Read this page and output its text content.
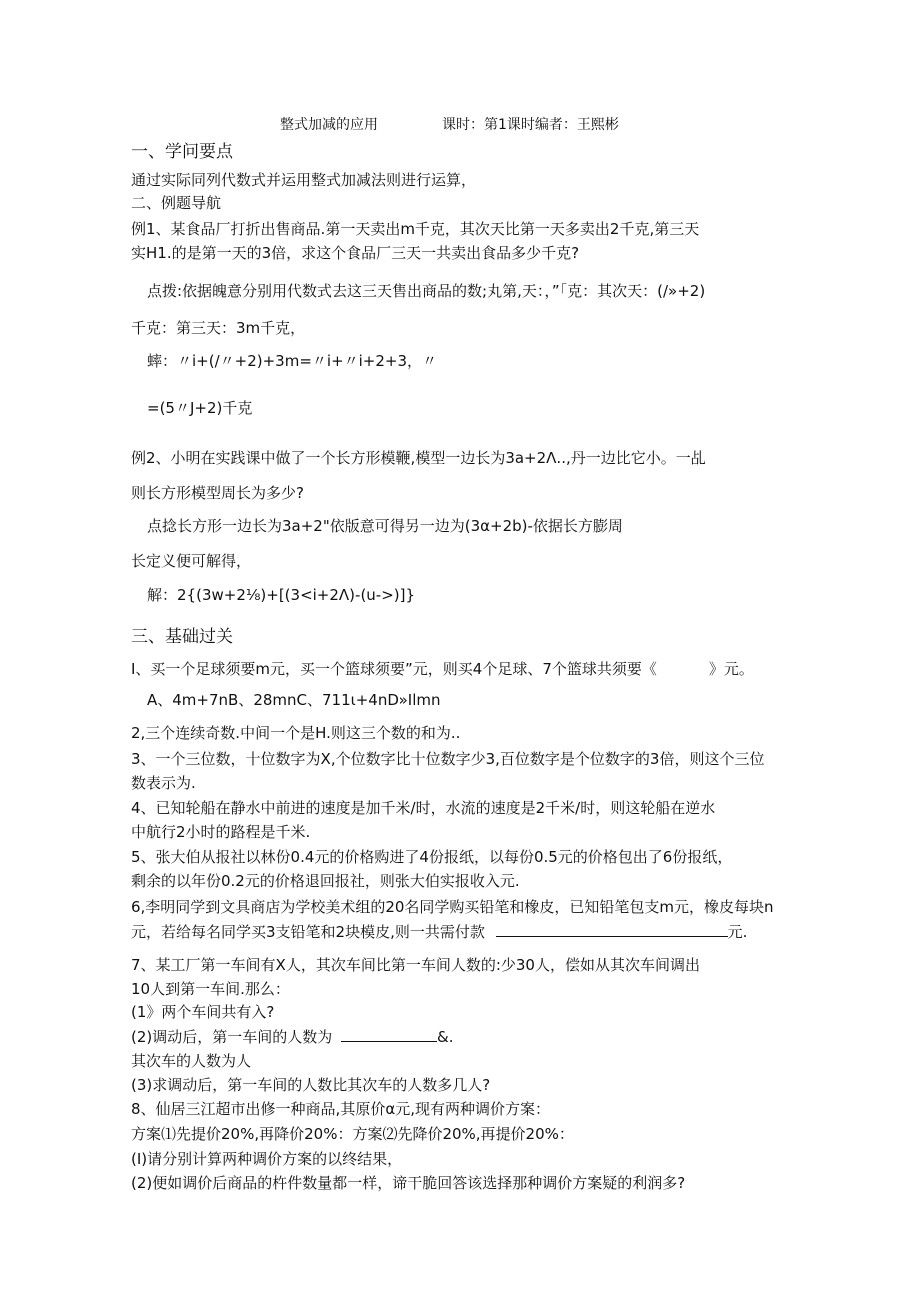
整式加减的应用	课时：第1课时编者：王熙彬
一、学问要点
通过实际同列代数式并运用整式加减法则进行运算，
二、例题导航
例1、某食品厂打折出售商品.第一天卖出m千克，其次天比第一天多卖出2千克,第三天
实H1.的是第一天的3倍，求这个食品厂三天一共卖出食品多少千克?
点拨:依据魄意分别用代数式去这三天售出商品的数;丸第,天：，”「克：其次天：(/»+2)
千克：第三天：3m千克，
蟀：〃i+(/〃+2)+3m=〃i+〃i+2+3，〃
=(5〃J+2)千克
例2、小明在实践课中做了一个长方形模鞭,模型一边长为3a+2Λ..,丹一边比它小。一乩
则长方形模型周长为多少?
点捻长方形一边长为3a+2"依版意可得另一边为(3α+2b)-依据长方膨周
长定义便可解得，
解：2{(3w+2⅛)+[(3<i+2Λ)-(u->)]}
三、基础过关
I、买一个足球须要m元，买一个篮球须要”元，则买4个足球、7个篮球共须要《	》元。
A、4m+7nB、28mnC、711ι+4nD»Ilmn
2,三个连续奇数.中间一个是H.则这三个数的和为..
3、一个三位数，十位数字为X,个位数字比十位数字少3,百位数字是个位数字的3倍，则这个三位
数表示为.
4、已知轮船在静水中前进的速度是加千米/时，水流的速度是2千米/时，则这轮船在逆水
中航行2小时的路程是千米.
5、张大伯从报社以林份0.4元的价格购进了4份报纸，以每份0.5元的价格包出了6份报纸，
剩余的以年份0.2元的价格退回报社，则张大伯实报收入元.
6,李明同学到文具商店为学校美术组的20名同学购买铅笔和橡皮，已知铅笔包支m元，橡皮每块n
元，若给每名同学买3支铅笔和2块模皮,则一共需付款	元.
7、某工厂第一车间有X人，其次车间比第一车间人数的:少30人，偿如从其次车间调出
10人到第一车间.那么：
(1》两个车间共有入?
(2)调动后，第一车间的人数为	&.
其次车的人数为人
(3)求调动后，第一车间的人数比其次车的人数多几人?
8、仙居三江超市出修一种商品,其原价α元,现有两种调价方案：
方案⑴先提价20%,再降价20%：方案⑵先降价20%,再提价20%：
(I)请分别计算两种调价方案的以终结果，
(2)便如调价后商品的杵件数量都一样，谛干脆回答该选择那种调价方案疑的利润多?
